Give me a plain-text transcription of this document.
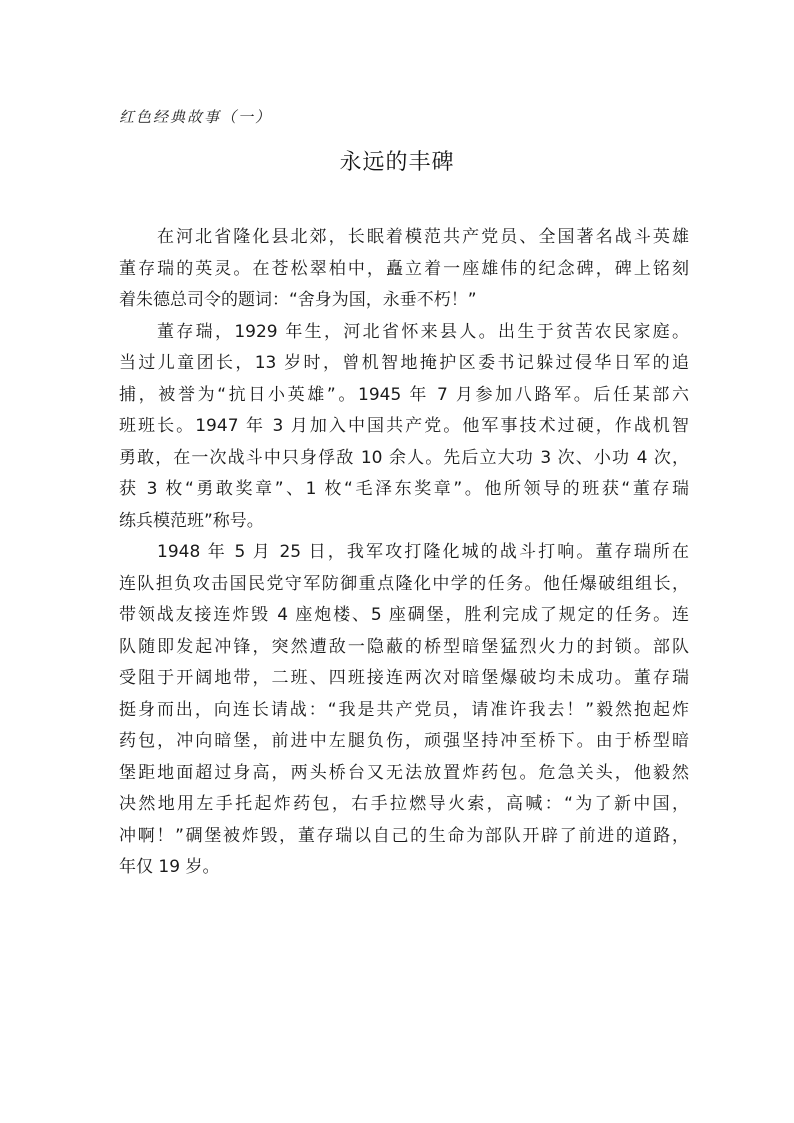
红色经典故事（一）
永远的丰碑
在河北省隆化县北郊，长眠着模范共产党员、全国著名战斗英雄
董存瑞的英灵。在苍松翠柏中，矗立着一座雄伟的纪念碑，碑上铭刻
着朱德总司令的题词：“舍身为国，永垂不朽！”
董存瑞，1929 年生，河北省怀来县人。出生于贫苦农民家庭。
当过儿童团长，13 岁时，曾机智地掩护区委书记躲过侵华日军的追
捕，被誉为“抗日小英雄”。1945 年 7 月参加八路军。后任某部六
班班长。1947 年 3 月加入中国共产党。他军事技术过硬，作战机智
勇敢，在一次战斗中只身俘敌 10 余人。先后立大功 3 次、小功 4 次，
获 3 枚“勇敢奖章”、1 枚“毛泽东奖章”。他所领导的班获“董存瑞
练兵模范班”称号。
1948 年 5 月 25 日，我军攻打隆化城的战斗打响。董存瑞所在
连队担负攻击国民党守军防御重点隆化中学的任务。他任爆破组组长，
带领战友接连炸毁 4 座炮楼、5 座碉堡，胜利完成了规定的任务。连
队随即发起冲锋，突然遭敌一隐蔽的桥型暗堡猛烈火力的封锁。部队
受阻于开阔地带，二班、四班接连两次对暗堡爆破均未成功。董存瑞
挺身而出，向连长请战：“我是共产党员，请准许我去！”毅然抱起炸
药包，冲向暗堡，前进中左腿负伤，顽强坚持冲至桥下。由于桥型暗
堡距地面超过身高，两头桥台又无法放置炸药包。危急关头，他毅然
决然地用左手托起炸药包，右手拉燃导火索，高喊：“为了新中国，
冲啊！”碉堡被炸毁，董存瑞以自己的生命为部队开辟了前进的道路，
年仅 19 岁。
